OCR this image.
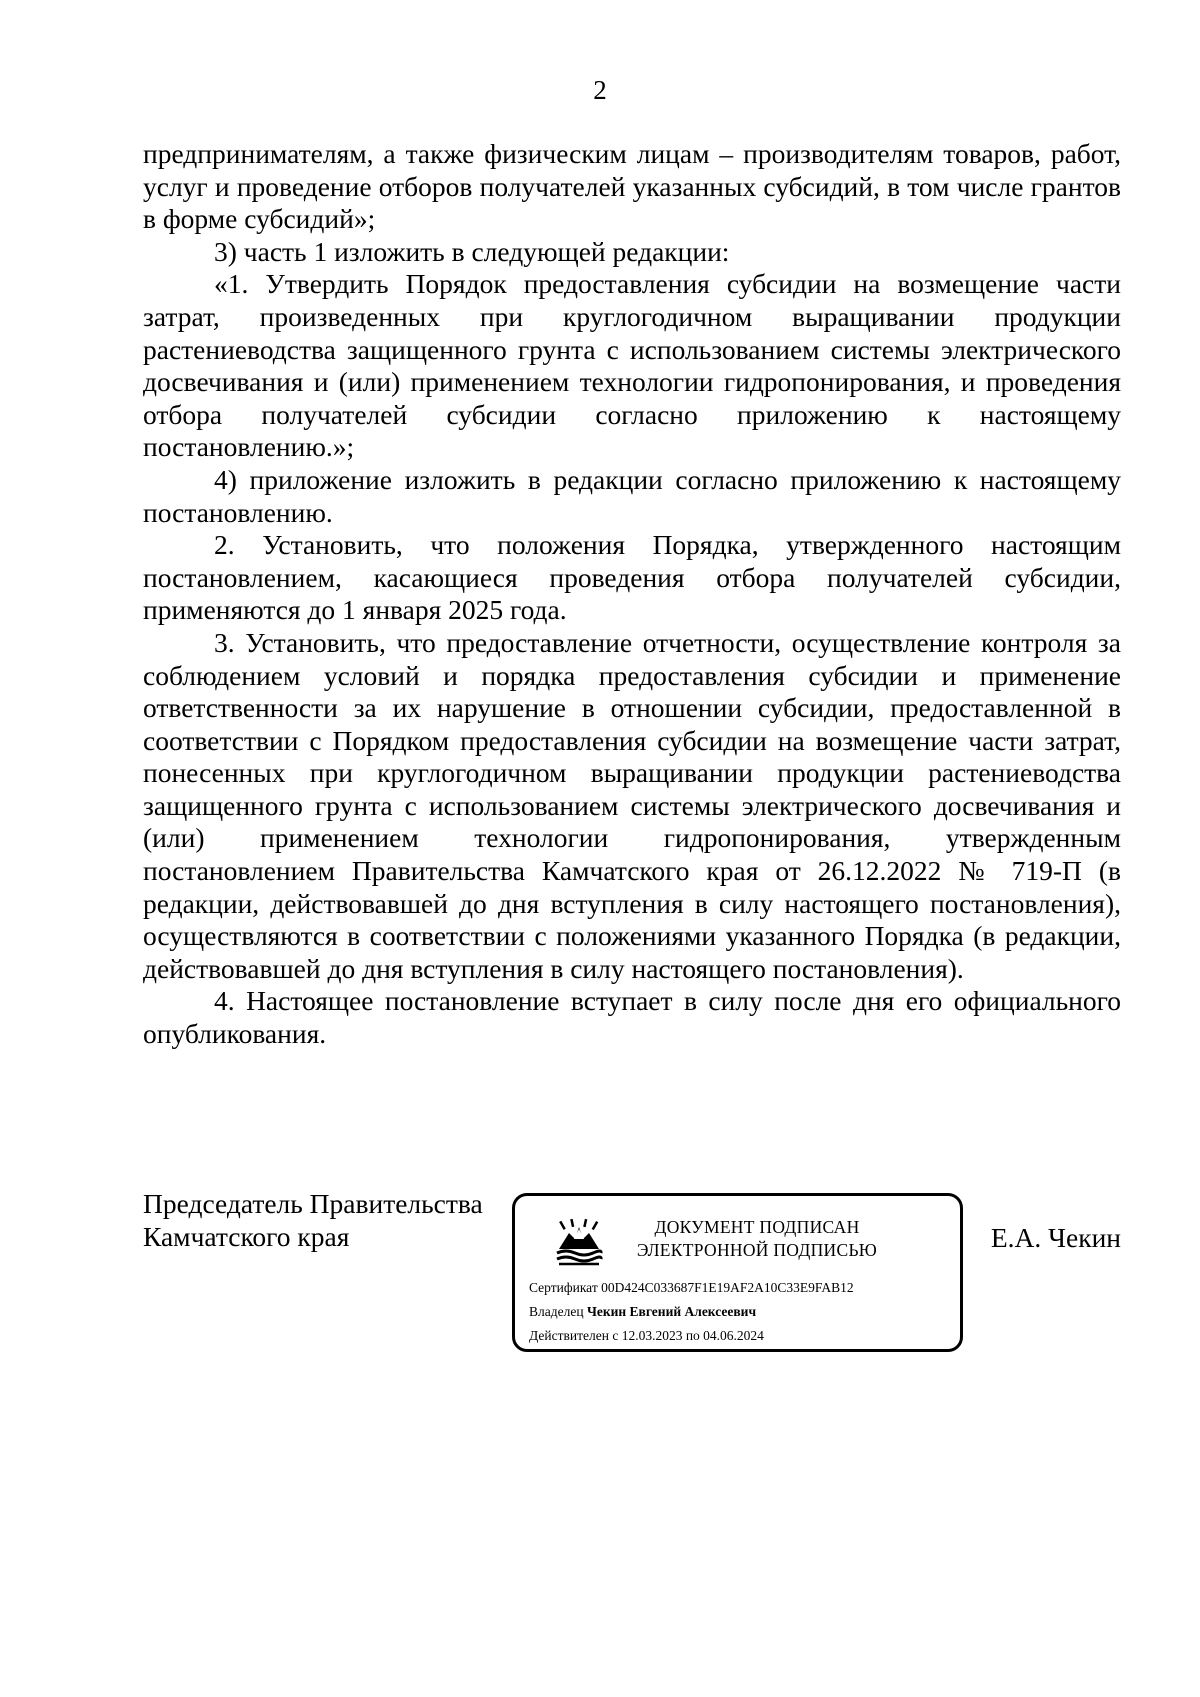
2

предпринимателям, а также физическим лицам – производителям товаров, работ, услуг и проведение отборов получателей указанных субсидий, в том числе грантов в форме субсидий»;

3) часть 1 изложить в следующей редакции:

«1. Утвердить Порядок предоставления субсидии на возмещение части затрат, произведенных при круглогодичном выращивании продукции растениеводства защищенного грунта с использованием системы электрического досвечивания и (или) применением технологии гидропонирования, и проведения отбора получателей субсидии согласно приложению к настоящему постановлению.»;

4) приложение изложить в редакции согласно приложению к настоящему постановлению.

2. Установить, что положения Порядка, утвержденного настоящим постановлением, касающиеся проведения отбора получателей субсидии, применяются до 1 января 2025 года.

3. Установить, что предоставление отчетности, осуществление контроля за соблюдением условий и порядка предоставления субсидии и применение ответственности за их нарушение в отношении субсидии, предоставленной в соответствии с Порядком предоставления субсидии на возмещение части затрат, понесенных при круглогодичном выращивании продукции растениеводства защищенного грунта с использованием системы электрического досвечивания и (или) применением технологии гидропонирования, утвержденным постановлением Правительства Камчатского края от 26.12.2022 № 719-П (в редакции, действовавшей до дня вступления в силу настоящего постановления), осуществляются в соответствии с положениями указанного Порядка (в редакции, действовавшей до дня вступления в силу настоящего постановления).

4. Настоящее постановление вступает в силу после дня его официального опубликования.

Председатель Правительства
Камчатского края	ДОКУМЕНТ ПОДПИСАН
ЭЛЕКТРОННОЙ ПОДПИСЬЮ
Сертификат 00D424C033687F1E19AF2A10C33E9FAB12
Владелец Чекин Евгений Алексеевич
Действителен с 12.03.2023 по 04.06.2024
Е.А. Чекин
